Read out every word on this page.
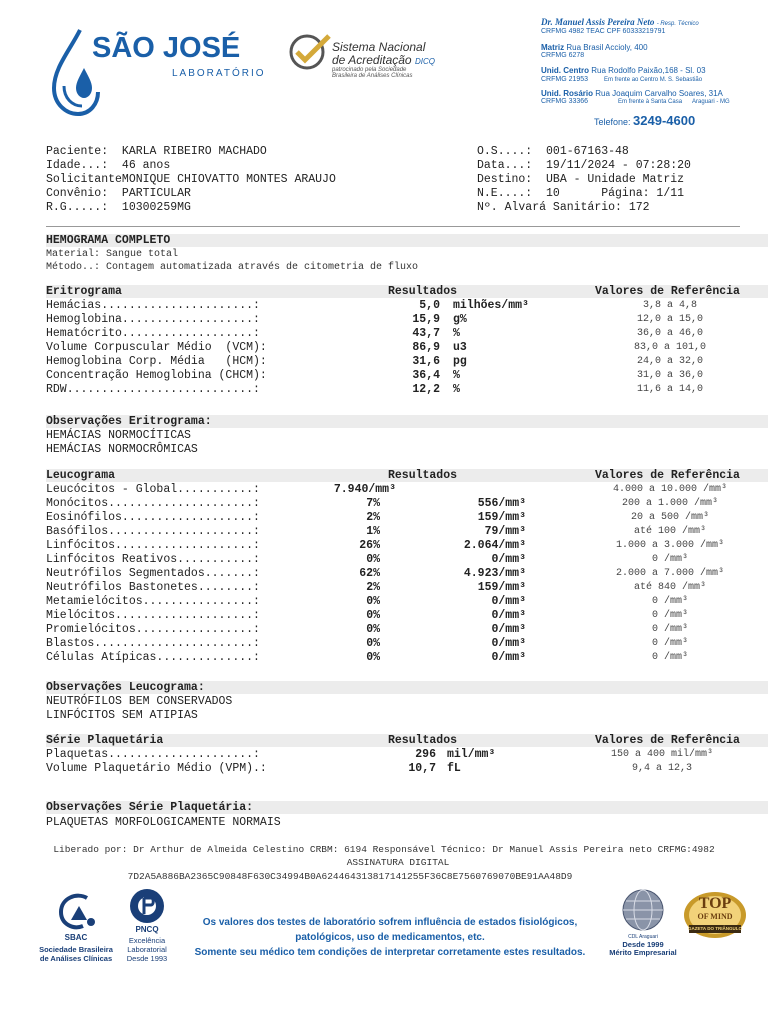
SÃO JOSÉ
LABORATÓRIO
Sistema Nacional
de Acreditação DICQ
patrocinado pela Sociedade
Brasileira de Análises Clínicas
Dr. Manuel Assis Pereira Neto - Resp. Técnico
CRFMG 4982 TEAC CPF 60333219791
Matriz Rua Brasil Accioly, 400
CRFMG 6278
Unid. Centro Rua Rodolfo Paixão,168 - Sl. 03
CRFMG 21953	Em frente ao Centro M. S. Sebastião
Unid. Rosário Rua Joaquim Carvalho Soares, 31A
CRFMG 33366	Em frente à Santa Casa Araguari - MG
Telefone: 3249-4600
Paciente:  KARLA RIBEIRO MACHADO
Idade...:  46 anos
SolicitanteMONIQUE CHIOVATTO MONTES ARAUJO
Convênio:  PARTICULAR
R.G.....:  10300259MG
O.S....:  001-67163-48
Data...:  19/11/2024 - 07:28:20
Destino:  UBA - Unidade Matriz
N.E....:  10      Página: 1/11
Nº. Alvará Sanitário: 172
HEMOGRAMA COMPLETO
Material: Sangue total
Método..: Contagem automatizada através de citometria de fluxo
Eritrograma	Resultados	Valores de Referência
Hemácias......................:	5,0 milhões/mm³	3,8 a 4,8
Hemoglobina...................:	15,9 g%	12,0 a 15,0
Hematócrito...................:	43,7 %	36,0 a 46,0
Volume Corpuscular Médio  (VCM):	86,9 u3	83,0 a 101,0
Hemoglobina Corp. Média   (HCM):	31,6 pg	24,0 a 32,0
Concentração Hemoglobina (CHCM):	36,4 %	31,0 a 36,0
RDW...........................:	12,2 %	11,6 a 14,0
Observações Eritrograma:
HEMÁCIAS NORMOCÍTICAS
HEMÁCIAS NORMOCRÔMICAS
Leucograma	Resultados	Valores de Referência
Leucócitos - Global...........:	7.940/mm³	4.000 a 10.000 /mm³
Monócitos.....................:	7%	556/mm³	200 a 1.000 /mm³
Eosinófilos...................:	2%	159/mm³	20 a 500 /mm³
Basófilos.....................:	1%	79/mm³	até 100 /mm³
Linfócitos....................:	26%	2.064/mm³	1.000 a 3.000 /mm³
Linfócitos Reativos...........:	0%	0/mm³	0 /mm³
Neutrófilos Segmentados.......:	62%	4.923/mm³	2.000 a 7.000 /mm³
Neutrófilos Bastonetes........:	2%	159/mm³	até 840 /mm³
Metamielócitos................:	0%	0/mm³	0 /mm³
Mielócitos....................:	0%	0/mm³	0 /mm³
Promielócitos.................:	0%	0/mm³	0 /mm³
Blastos.......................:	0%	0/mm³	0 /mm³
Células Atípicas..............:	0%	0/mm³	0 /mm³
Observações Leucograma:
NEUTRÓFILOS BEM CONSERVADOS
LINFÓCITOS SEM ATIPIAS
Série Plaquetária	Resultados	Valores de Referência
Plaquetas.....................:	296 mil/mm³	150 a 400 mil/mm³
Volume Plaquetário Médio (VPM).:	10,7 fL	9,4 a 12,3
Observações Série Plaquetária:
PLAQUETAS MORFOLOGICAMENTE NORMAIS
Liberado por: Dr Arthur de Almeida Celestino CRBM: 6194 Responsável Técnico: Dr Manuel Assis Pereira neto CRFMG:4982
ASSINATURA DIGITAL
7D2A5A886BA2365C90848F630C34994B0A624464313817141255F36C8E7560769070BE91AA48D9
SBAC
Sociedade Brasileira
de Análises Clínicas
PNCQ
Excelência
Laboratorial
Desde 1993
Os valores dos testes de laboratório sofrem influência de estados fisiológicos,
patológicos, uso de medicamentos, etc.
Somente seu médico tem condições de interpretar corretamente estes resultados.
CDL Araguari
Desde 1999
Mérito Empresarial
TOP
OF MIND
GAZETA DO TRIÂNGULO
